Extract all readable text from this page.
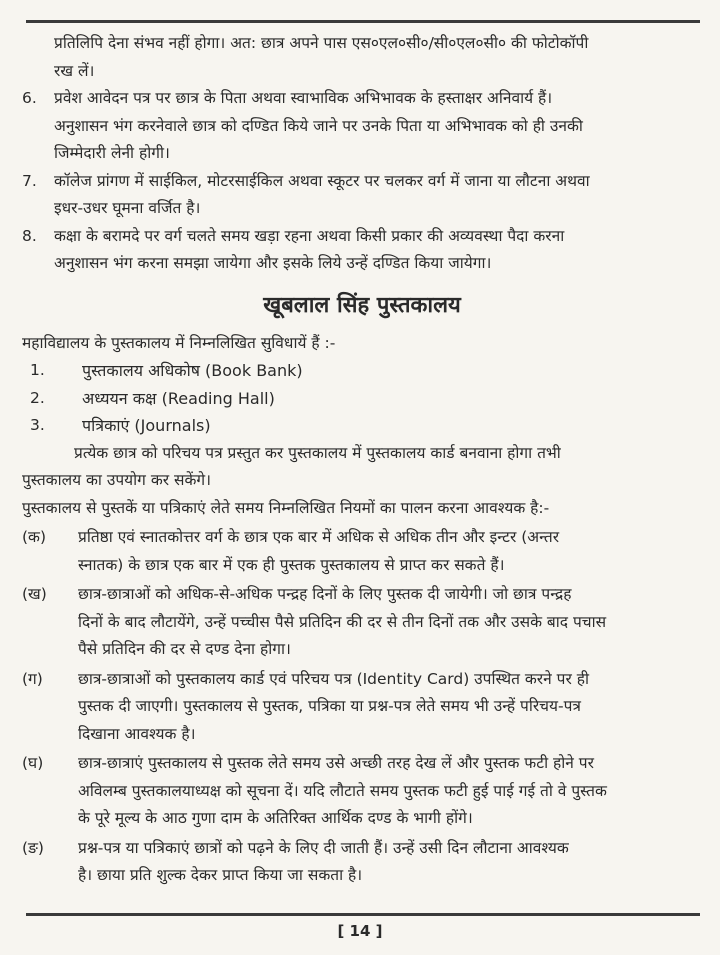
प्रतिलिपि देना संभव नहीं होगा। अत: छात्र अपने पास एस०एल०सी०/सी०एल०सी० की फोटोकॉपी
रख लें।
6.	प्रवेश आवेदन पत्र पर छात्र के पिता अथवा स्वाभाविक अभिभावक के हस्ताक्षर अनिवार्य हैं।
अनुशासन भंग करनेवाले छात्र को दण्डित किये जाने पर उनके पिता या अभिभावक को ही उनकी
जिम्मेदारी लेनी होगी।
7.	कॉलेज प्रांगण में साईकिल, मोटरसाईकिल अथवा स्कूटर पर चलकर वर्ग में जाना या लौटना अथवा
इधर-उधर घूमना वर्जित है।
8.	कक्षा के बरामदे पर वर्ग चलते समय खड़ा रहना अथवा किसी प्रकार की अव्यवस्था पैदा करना
अनुशासन भंग करना समझा जायेगा और इसके लिये उन्हें दण्डित किया जायेगा।
खूबलाल सिंह पुस्तकालय
महाविद्यालय के पुस्तकालय में निम्नलिखित सुविधायें हैं :-
1.	पुस्तकालय अधिकोष (Book Bank)
2.	अध्ययन कक्ष (Reading Hall)
3.	पत्रिकाएं (Journals)
प्रत्येक छात्र को परिचय पत्र प्रस्तुत कर पुस्तकालय में पुस्तकालय कार्ड बनवाना होगा तभी
पुस्तकालय का उपयोग कर सकेंगे।
पुस्तकालय से पुस्तकें या पत्रिकाएं लेते समय निम्नलिखित नियमों का पालन करना आवश्यक है:-
(क)	प्रतिष्ठा एवं स्नातकोत्तर वर्ग के छात्र एक बार में अधिक से अधिक तीन और इन्टर (अन्तर
स्नातक) के छात्र एक बार में एक ही पुस्तक पुस्तकालय से प्राप्त कर सकते हैं।
(ख)	छात्र-छात्राओं को अधिक-से-अधिक पन्द्रह दिनों के लिए पुस्तक दी जायेगी। जो छात्र पन्द्रह
दिनों के बाद लौटायेंगे, उन्हें पच्चीस पैसे प्रतिदिन की दर से तीन दिनों तक और उसके बाद पचास
पैसे प्रतिदिन की दर से दण्ड देना होगा।
(ग)	छात्र-छात्राओं को पुस्तकालय कार्ड एवं परिचय पत्र (Identity Card) उपस्थित करने पर ही
पुस्तक दी जाएगी। पुस्तकालय से पुस्तक, पत्रिका या प्रश्न-पत्र लेते समय भी उन्हें परिचय-पत्र
दिखाना आवश्यक है।
(घ)	छात्र-छात्राएं पुस्तकालय से पुस्तक लेते समय उसे अच्छी तरह देख लें और पुस्तक फटी होने पर
अविलम्ब पुस्तकालयाध्यक्ष को सूचना दें। यदि लौटाते समय पुस्तक फटी हुई पाई गई तो वे पुस्तक
के पूरे मूल्य के आठ गुणा दाम के अतिरिक्त आर्थिक दण्ड के भागी होंगे।
(ङ)	प्रश्न-पत्र या पत्रिकाएं छात्रों को पढ़ने के लिए दी जाती हैं। उन्हें उसी दिन लौटाना आवश्यक
है। छाया प्रति शुल्क देकर प्राप्त किया जा सकता है।
[ 14 ]
